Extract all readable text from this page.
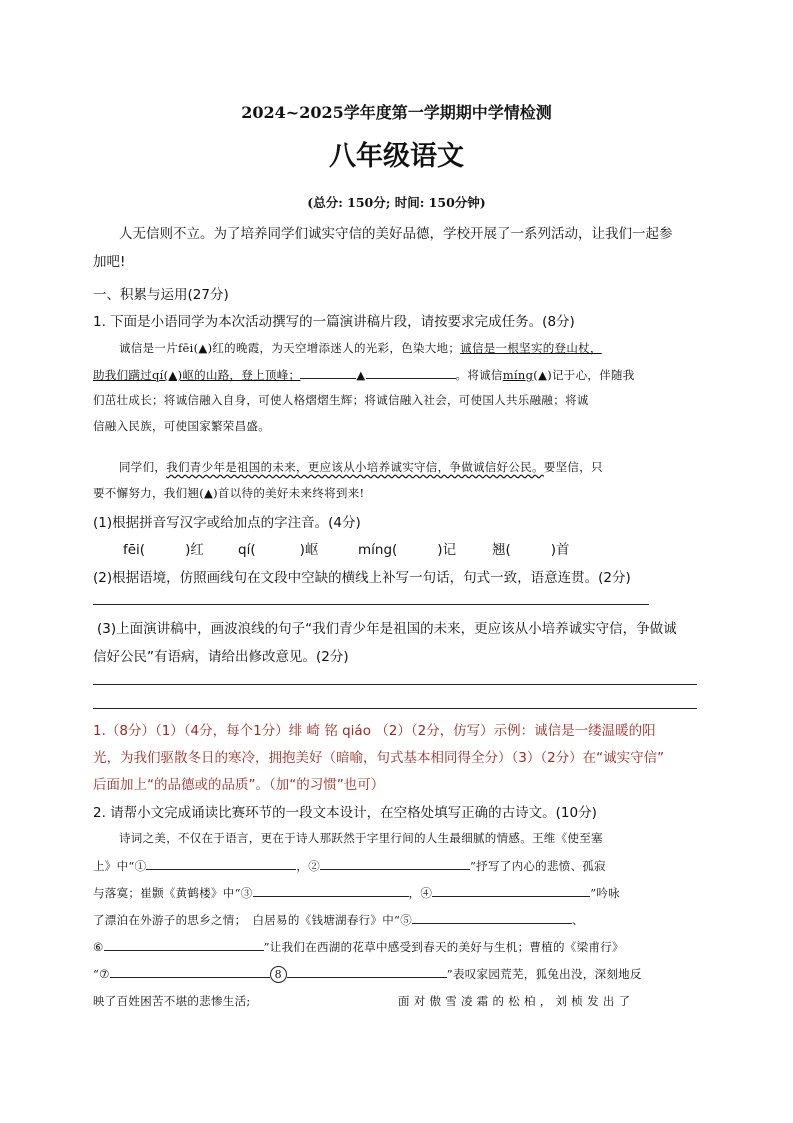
2024~2025学年度第一学期期中学情检测
八年级语文
(总分: 150分; 时间: 150分钟)
人无信则不立。为了培养同学们诚实守信的美好品德，学校开展了一系列活动，让我们一起参
加吧!
一、积累与运用(27分)
1. 下面是小语同学为本次活动撰写的一篇演讲稿片段，请按要求完成任务。(8分)
诚信是一片fēi(▲)红的晚霞，为天空增添迷人的光彩，色染大地；诚信是一根坚实的登山杖，
助我们蹒过qí(▲)岖的山路，登上顶峰；	▲	。将诚信míng(▲)记于心，伴随我
们茁壮成长；将诚信融入自身，可使人格熠熠生辉；将诚信融入社会，可使国人共乐融融；将诚
信融入民族，可使国家繁荣昌盛。
同学们，我们青少年是祖国的未来，更应该从小培养诚实守信，争做诚信好公民。要坚信，只
要不懈努力，我们翘(▲)首以待的美好未来终将到来!
(1)根据拼音写汉字或给加点的字注音。(4分)
fēi(	)红	qí(	)岖	míng(	)记	翘(	)首
(2)根据语境，仿照画线句在文段中空缺的横线上补写一句话，句式一致，语意连贯。(2分)
(3)上面演讲稿中，画波浪线的句子“我们青少年是祖国的未来，更应该从小培养诚实守信，争做诚
信好公民”有语病，请给出修改意见。(2分)
1.（8分）（1）（4分，每个1分）绯 崎 铭 qiáo （2）（2分，仿写）示例：诚信是一缕温暖的阳
光，为我们驱散冬日的寒冷，拥抱美好（暗喻，句式基本相同得全分）（3）（2分）在“诚实守信”
后面加上“的品德或的品质”。（加“的习惯”也可）
2. 请帮小文完成诵读比赛环节的一段文本设计，在空格处填写正确的古诗文。(10分)
诗词之美，不仅在于语言，更在于诗人那跃然于字里行间的人生最细腻的情感。王维《使至塞
上》中“①	，②	”抒写了内心的悲愤、孤寂
与落寞；崔颢《黄鹤楼》中“③	，④	”吟咏
了漂泊在外游子的思乡之情；　白居易的《钱塘湖春行》中“⑤	、
⑥	”让我们在西湖的花草中感受到春天的美好与生机；曹植的《梁甫行》
“⑦	8	”表叹家园荒芜，狐兔出没，深刻地反
映了百姓困苦不堪的悲惨生活;	面 对 傲 雪 凌 霜 的 松 柏 ， 刘 桢 发 出 了
